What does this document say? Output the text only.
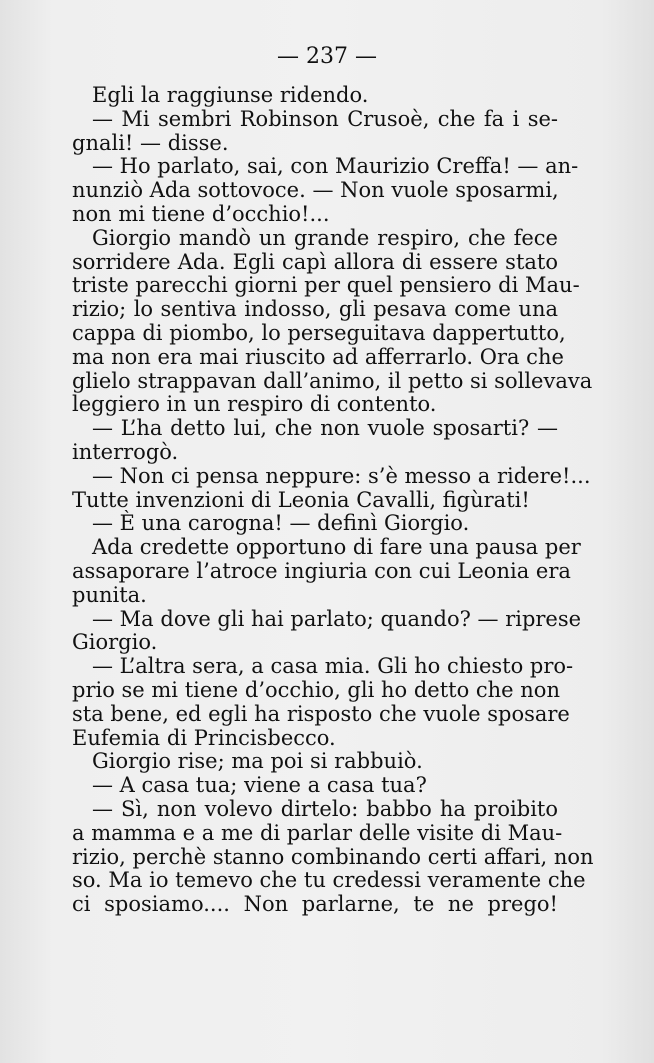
— 237 —
Egli la raggiunse ridendo.
— Mi sembri Robinson Crusoè, che fa i se-
gnali! — disse.
— Ho parlato, sai, con Maurizio Creffa! — an-
nunziò Ada sottovoce. — Non vuole sposarmi,
non mi tiene d’occhio!...
Giorgio mandò un grande respiro, che fece
sorridere Ada. Egli capì allora di essere stato
triste parecchi giorni per quel pensiero di Mau-
rizio; lo sentiva indosso, gli pesava come una
cappa di piombo, lo perseguitava dappertutto,
ma non era mai riuscito ad afferrarlo. Ora che
glielo strappavan dall’animo, il petto si sollevava
leggiero in un respiro di contento.
— L’ha detto lui, che non vuole sposarti? —
interrogò.
— Non ci pensa neppure: s’è messo a ridere!...
Tutte invenzioni di Leonia Cavalli, figùrati!
— È una carogna! — definì Giorgio.
Ada credette opportuno di fare una pausa per
assaporare l’atroce ingiuria con cui Leonia era
punita.
— Ma dove gli hai parlato; quando? — riprese
Giorgio.
— L’altra sera, a casa mia. Gli ho chiesto pro-
prio se mi tiene d’occhio, gli ho detto che non
sta bene, ed egli ha risposto che vuole sposare
Eufemia di Princisbecco.
Giorgio rise; ma poi si rabbuiò.
— A casa tua; viene a casa tua?
— Sì, non volevo dirtelo: babbo ha proibito
a mamma e a me di parlar delle visite di Mau-
rizio, perchè stanno combinando certi affari, non
so. Ma io temevo che tu credessi veramente che
ci sposiamo.... Non parlarne, te ne prego!
